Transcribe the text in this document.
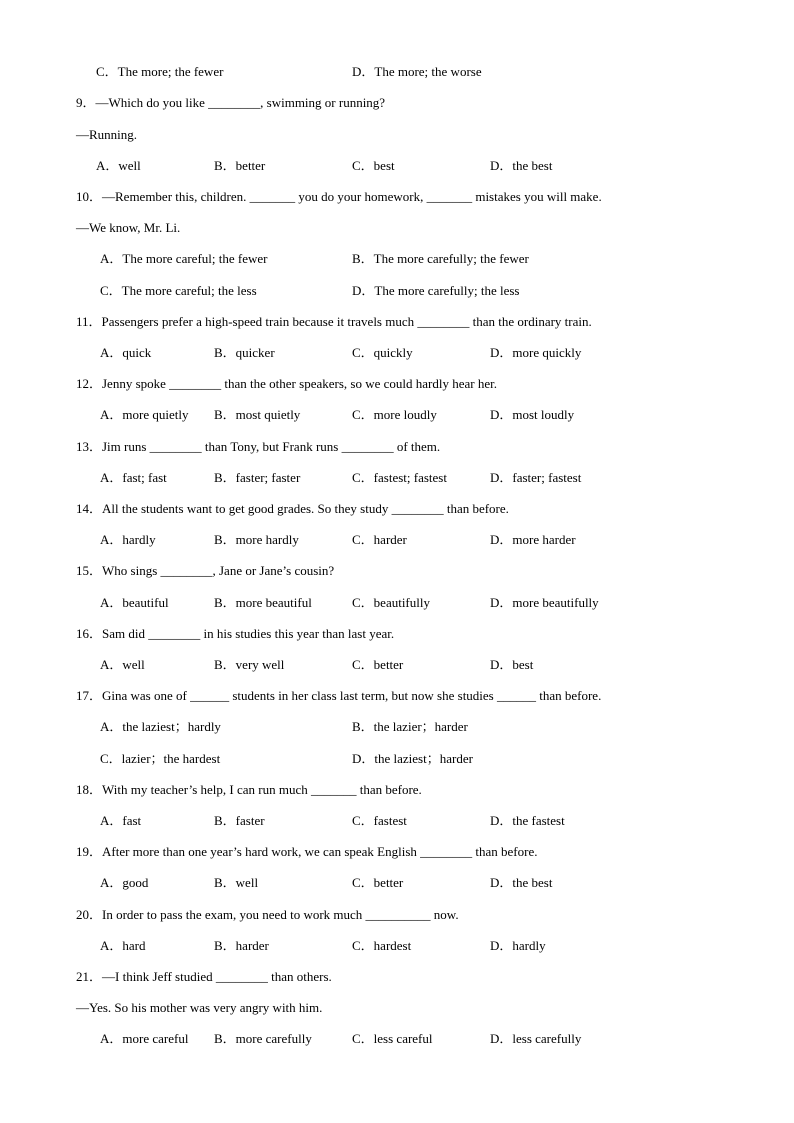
C．The more; the fewer	D．The more; the worse
9．—Which do you like ________, swimming or running?
—Running.
A．well	B．better	C．best	D．the best
10．—Remember this, children. _______ you do your homework, _______ mistakes you will make.
—We know, Mr. Li.
A．The more careful; the fewer	B．The more carefully; the fewer
C．The more careful; the less	D．The more carefully; the less
11．Passengers prefer a high-speed train because it travels much ________ than the ordinary train.
A．quick	B．quicker	C．quickly	D．more quickly
12．Jenny spoke ________ than the other speakers, so we could hardly hear her.
A．more quietly B．most quietly	C．more loudly	D．most loudly
13．Jim runs ________ than Tony, but Frank runs ________ of them.
A．fast; fast	B．faster; faster	C．fastest; fastest	D．faster; fastest
14．All the students want to get good grades. So they study ________ than before.
A．hardly	B．more hardly	C．harder	D．more harder
15．Who sings ________, Jane or Jane’s cousin?
A．beautiful	B．more beautiful	C．beautifully	D．more beautifully
16．Sam did ________ in his studies this year than last year.
A．well	B．very well	C．better	D．best
17．Gina was one of ______ students in her class last term, but now she studies ______ than before.
A．the laziest；hardly	B．the lazier；harder
C．lazier；the hardest	D．the laziest；harder
18．With my teacher’s help, I can run much _______ than before.
A．fast	B．faster	C．fastest	D．the fastest
19．After more than one year’s hard work, we can speak English ________ than before.
A．good	B．well	C．better	D．the best
20．In order to pass the exam, you need to work much __________ now.
A．hard	B．harder	C．hardest	D．hardly
21．—I think Jeff studied ________ than others.
—Yes. So his mother was very angry with him.
A．more careful B．more carefully	C．less careful	D．less carefully
